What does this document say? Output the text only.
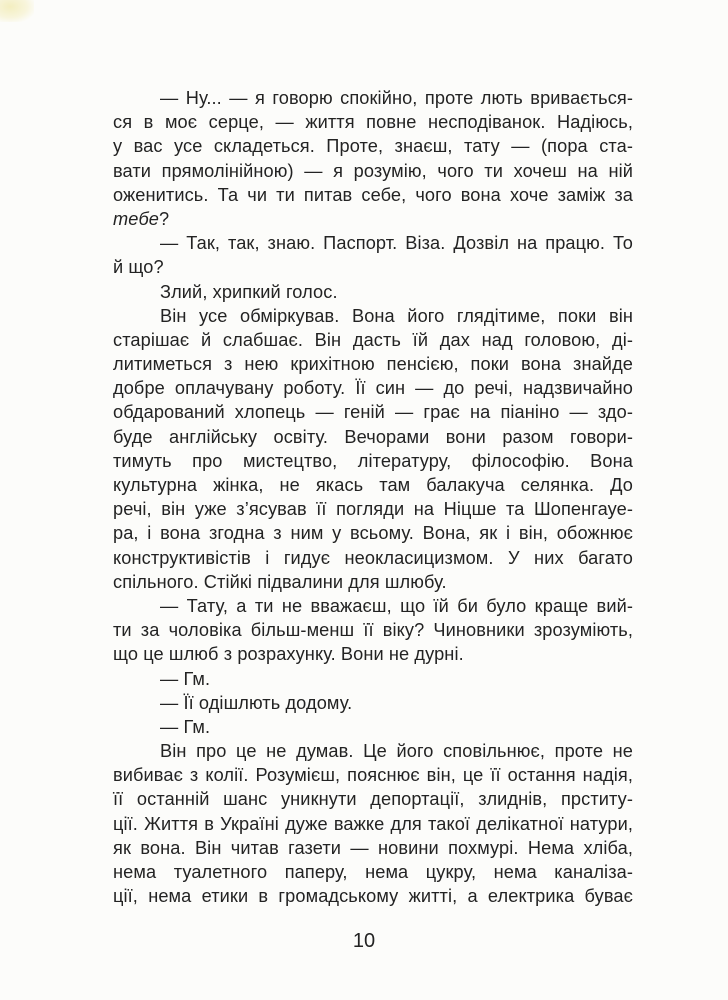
— Ну... — я говорю спокійно, проте лють вривається-
ся в моє серце, — життя повне несподіванок. Надіюсь,
у вас усе складеться. Проте, знаєш, тату — (пора ста-
вати прямолінійною) — я розумію, чого ти хочеш на ній
оженитись. Та чи ти питав себе, чого вона хоче заміж за
тебе?
— Так, так, знаю. Паспорт. Віза. Дозвіл на працю. То
й що?
Злий, хрипкий голос.
Він усе обміркував. Вона його глядітиме, поки він
старішає й слабшає. Він дасть їй дах над головою, ді-
литиметься з нею крихітною пенсією, поки вона знайде
добре оплачувану роботу. Її син — до речі, надзвичайно
обдарований хлопець — геній — грає на піаніно — здо-
буде англійську освіту. Вечорами вони разом говори-
тимуть про мистецтво, літературу, філософію. Вона
культурна жінка, не якась там балакуча селянка. До
речі, він уже з’ясував її погляди на Ніцше та Шопенгауе-
ра, і вона згодна з ним у всьому. Вона, як і він, обожнює
конструктивістів і гидує неокласицизмом. У них багато
спільного. Стійкі підвалини для шлюбу.
— Тату, а ти не вважаєш, що їй би було краще вий-
ти за чоловіка більш-менш її віку? Чиновники зрозуміють,
що це шлюб з розрахунку. Вони не дурні.
— Гм.
— Її одішлють додому.
— Гм.
Він про це не думав. Це його сповільнює, проте не
вибиває з колії. Розумієш, пояснює він, це її остання надія,
її останній шанс уникнути депортації, злиднів, прститу-
ції. Життя в Україні дуже важке для такої делікатної натури,
як вона. Він читав газети — новини похмурі. Нема хліба,
нема туалетного паперу, нема цукру, нема каналіза-
ції, нема етики в громадському житті, а електрика буває
10
